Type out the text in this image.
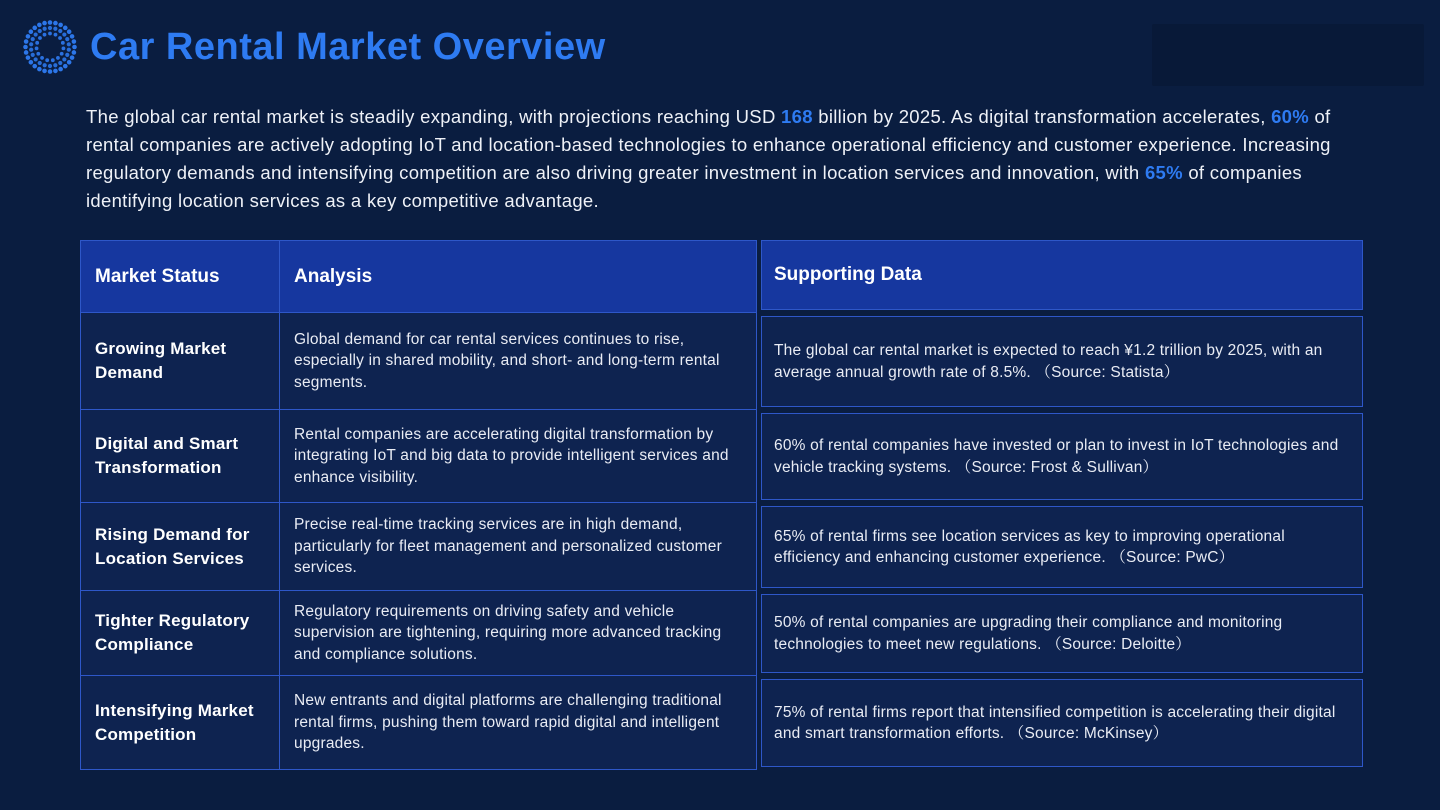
Car Rental Market Overview

The global car rental market is steadily expanding, with projections reaching USD 168 billion by 2025. As digital transformation accelerates, 60% of rental companies are actively adopting IoT and location-based technologies to enhance operational efficiency and customer experience. Increasing regulatory demands and intensifying competition are also driving greater investment in location services and innovation, with 65% of companies identifying location services as a key competitive advantage.

Market Status	Analysis	Supporting Data
Growing Market Demand
Global demand for car rental services continues to rise, especially in shared mobility, and short- and long-term rental segments.
The global car rental market is expected to reach ¥1.2 trillion by 2025, with an average annual growth rate of 8.5%. （Source: Statista）
Digital and Smart Transformation
Rental companies are accelerating digital transformation by integrating IoT and big data to provide intelligent services and enhance visibility.
60% of rental companies have invested or plan to invest in IoT technologies and vehicle tracking systems. （Source: Frost & Sullivan）
Rising Demand for Location Services
Precise real-time tracking services are in high demand, particularly for fleet management and personalized customer services.
65% of rental firms see location services as key to improving operational efficiency and enhancing customer experience. （Source: PwC）
Tighter Regulatory Compliance
Regulatory requirements on driving safety and vehicle supervision are tightening, requiring more advanced tracking and compliance solutions.
50% of rental companies are upgrading their compliance and monitoring technologies to meet new regulations. （Source: Deloitte）
Intensifying Market Competition
New entrants and digital platforms are challenging traditional rental firms, pushing them toward rapid digital and intelligent upgrades.
75% of rental firms report that intensified competition is accelerating their digital and smart transformation efforts. （Source: McKinsey）
